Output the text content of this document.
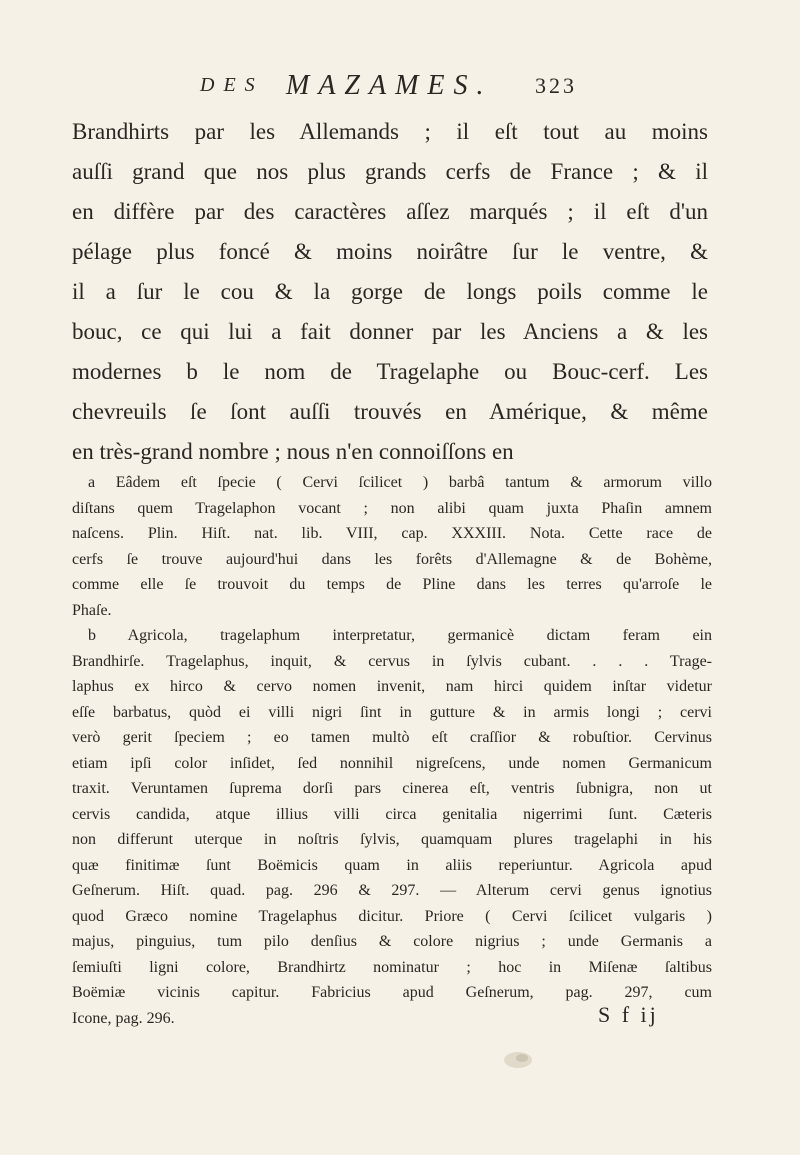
DES MAZAMES. 323
Brandhirts par les Allemands ; il eſt tout au moins
auſſi grand que nos plus grands cerfs de France ; & il
en diffère par des caractères aſſez marqués ; il eſt d'un
pélage plus foncé & moins noirâtre ſur le ventre, &
il a ſur le cou & la gorge de longs poils comme le
bouc, ce qui lui a fait donner par les Anciens a & les
modernes b le nom de Tragelaphe ou Bouc-cerf. Les
chevreuils ſe ſont auſſi trouvés en Amérique, & même
en très-grand nombre ; nous n'en connoiſſons en
a Eâdem eſt ſpecie ( Cervi ſcilicet ) barbâ tantum & armorum villo
diſtans quem Tragelaphon vocant ; non alibi quam juxta Phaſin amnem
naſcens. Plin. Hiſt. nat. lib. VIII, cap. XXXIII. Nota. Cette race de
cerfs ſe trouve aujourd'hui dans les forêts d'Allemagne & de Bohème,
comme elle ſe trouvoit du temps de Pline dans les terres qu'arroſe le
Phaſe.
b Agricola, tragelaphum interpretatur, germanicè dictam feram ein
Brandhirſe. Tragelaphus, inquit, & cervus in ſylvis cubant. . . . Trage-
laphus ex hirco & cervo nomen invenit, nam hirci quidem inſtar videtur
eſſe barbatus, quòd ei villi nigri ſint in gutture & in armis longi ; cervi
verò gerit ſpeciem ; eo tamen multò eſt craſſior & robuſtior. Cervinus
etiam ipſi color inſidet, ſed nonnihil nigreſcens, unde nomen Germanicum
traxit. Veruntamen ſuprema dorſi pars cinerea eſt, ventris ſubnigra, non ut
cervis candida, atque illius villi circa genitalia nigerrimi ſunt. Cæteris
non differunt uterque in noſtris ſylvis, quamquam plures tragelaphi in his
quæ finitimæ ſunt Boëmicis quam in aliis reperiuntur. Agricola apud
Geſnerum. Hiſt. quad. pag. 296 & 297. — Alterum cervi genus ignotius
quod Græco nomine Tragelaphus dicitur. Priore ( Cervi ſcilicet vulgaris )
majus, pinguius, tum pilo denſius & colore nigrius ; unde Germanis a
ſemiuſti ligni colore, Brandhirtz nominatur ; hoc in Miſenæ ſaltibus
Boëmiæ vicinis capitur. Fabricius apud Geſnerum, pag. 297, cum
Icone, pag. 296.	S f ij
